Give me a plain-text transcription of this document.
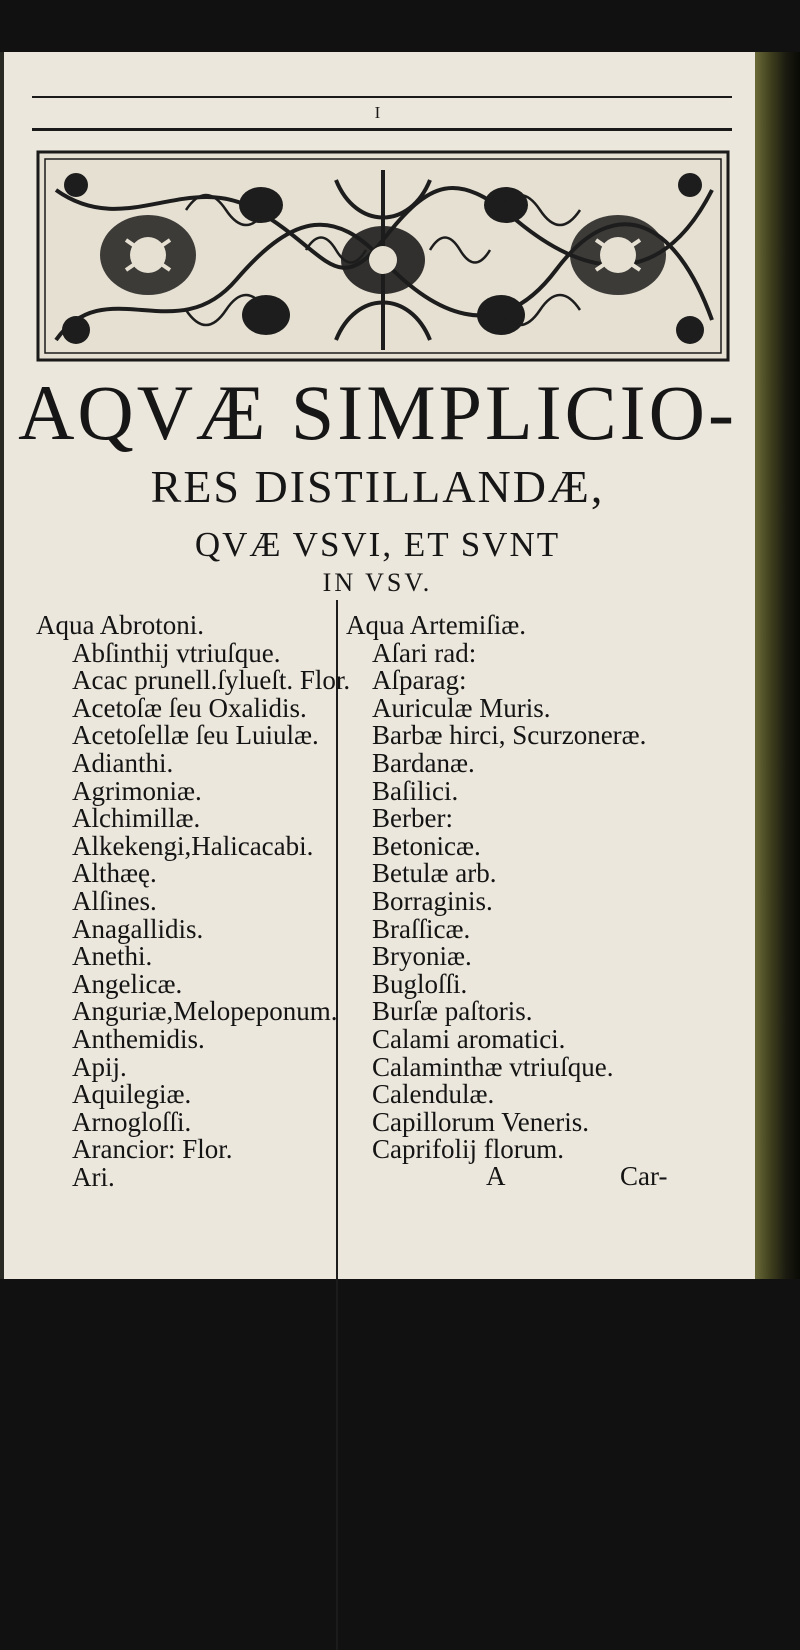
I
AQVÆ SIMPLICIO-
RES DISTILLANDÆ,
QVÆ VSVI, ET SVNT
IN VSV.

Aqua Abrotoni.

Abſinthij vtriuſque.

Acac prunell.ſylueſt. Flor.

Acetoſæ ſeu Oxalidis.

Acetoſellæ ſeu Luiulæ.

Adianthi.

Agrimoniæ.

Alchimillæ.

Alkekengi,Halicacabi.

Althæę.

Alſines.

Anagallidis.

Anethi.

Angelicæ.

Anguriæ,Melopeponum.

Anthemidis.

Apij.

Aquilegiæ.

Arnogloſſi.

Arancior: Flor.

Ari.

Aqua Artemiſiæ.

Aſari rad:

Aſparag:

Auriculæ Muris.

Barbæ hirci, Scurzoneræ.

Bardanæ.

Baſilici.

Berber:

Betonicæ.

Betulæ arb.

Borraginis.

Braſſicæ.

Bryoniæ.

Bugloſſi.

Burſæ paſtoris.

Calami aromatici.

Calaminthæ vtriuſque.

Calendulæ.

Capillorum Veneris.

Caprifolij florum.

A	Car-
